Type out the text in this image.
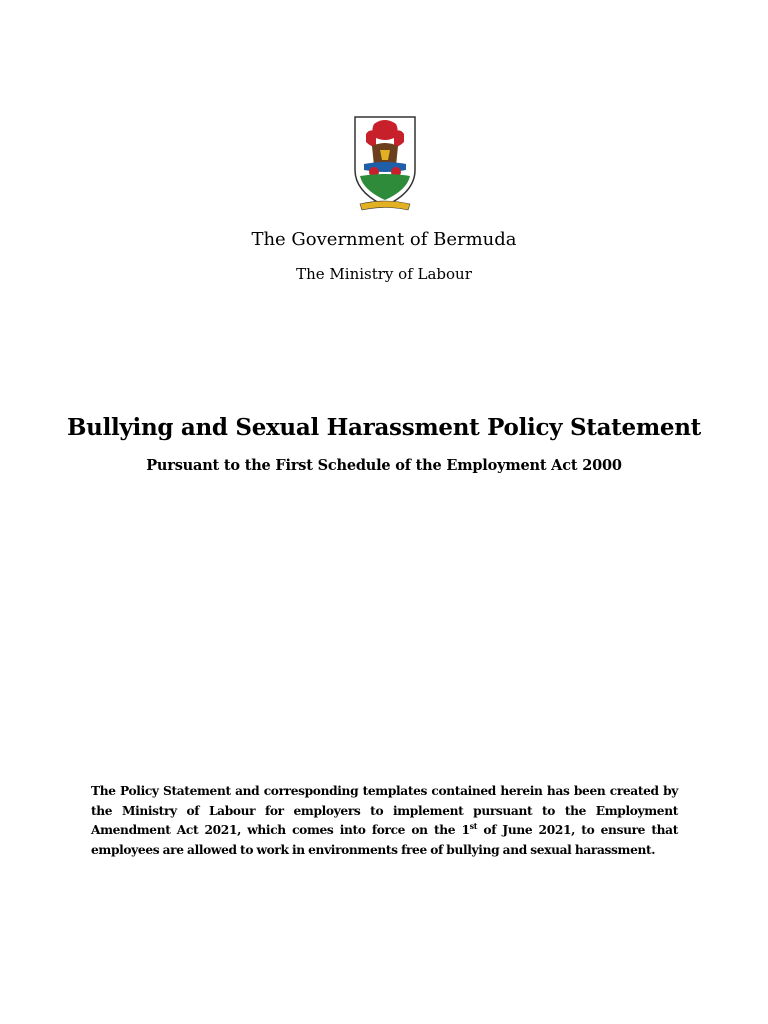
The Government of Bermuda
The Ministry of Labour
Bullying and Sexual Harassment Policy Statement
Pursuant to the First Schedule of the Employment Act 2000
The Policy Statement and corresponding templates contained herein has been created by the Ministry of Labour for employers to implement pursuant to the Employment Amendment Act 2021, which comes into force on the 1st of June 2021, to ensure that employees are allowed to work in environments free of bullying and sexual harassment.
